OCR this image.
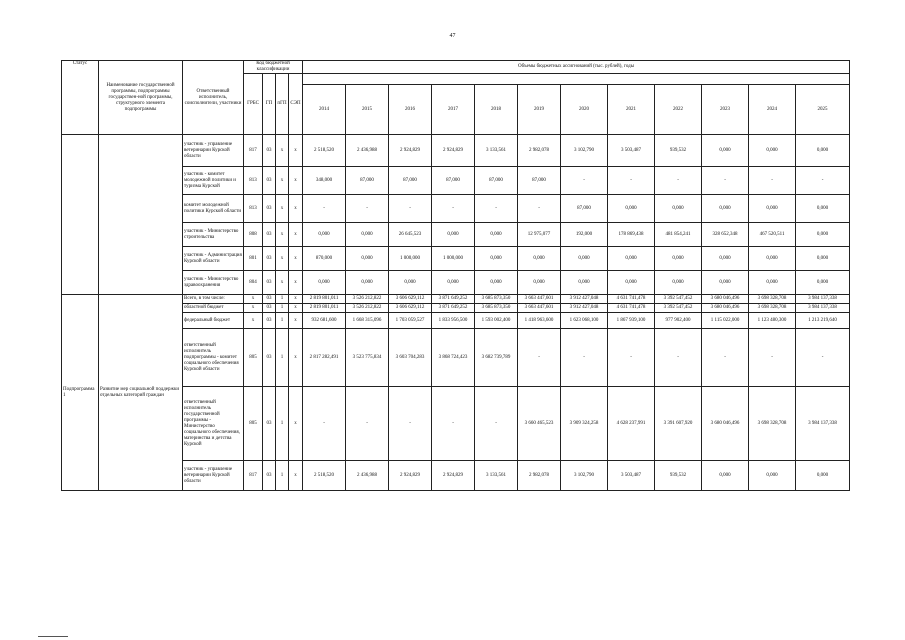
47
Статус	Наименование государственной программы, подпрограммы государствен-ной программы, структурного элемента подпрограммы	Ответственный исполнитель, соисполнители, участники	Код бюджетной классификации				Объемы бюджетных ассигнований (тыс. рублей), годы											
			ГРБС	ГП	пГП	СЭП												
							2014	2015	2016	2017	2018	2019	2020	2021	2022	2023	2024	2025
		участник - управление ветеринарии Курской области	817	03	х	х	2 518,520	2 436,988	2 924,829	2 924,829	3 133,561	2 982,078	3 102,790	3 503,487	939,532	0,000	0,000	0,000
		участник - комитет молодежной политики и туризма Курской	813	03	х	х	348,000	87,000	87,000	87,000	87,000	87,000	-	-	-	-	-	-
		комитет молодежной политики Курской области	813	03	х	х	-	-	-	-	-	-	87,000	0,000	0,000	0,000	0,000	0,000
		участник - Министерство строительства	808	03	х	х	0,000	0,000	26 645,523	0,000	0,000	12 975,077	192,000	178 869,438	481 854,241	328 652,348	467 520,511	0,000
		участник - Администрация Курской области	801	03	х	х	870,000	0,000	1 000,000	1 000,000	0,000	0,000	0,000	0,000	0,000	0,000	0,000	0,000
		участник - Министерство здравоохранения	804	03	х	х	0,000	0,000	0,000	0,000	0,000	0,000	0,000	0,000	0,000	0,000	0,000	0,000
Подпрограмма 1	Развитие мер социальной поддержки отдельных категорий граждан	Всего, в том числе:	х	03	1	х	2 819 801,011	3 526 212,822	3 606 629,112	3 871 649,252	3 685 873,350	3 663 447,601	3 912 427,048	4 631 741,478	3 392 547,452	3 680 046,496	3 698 328,708	3 984 137,338
		областной бюджет	х	03	1	х	2 819 801,011	3 526 212,822	3 606 629,112	3 871 649,252	3 685 873,350	3 663 447,601	3 912 427,048	4 631 741,478	3 392 547,452	3 680 046,496	3 698 328,708	3 984 137,338
		федеральный бюджет	х	03	1	х	932 681,600	1 668 315,096	1 703 059,527	1 833 956,500	1 593 002,400	1 418 963,600	1 623 068,100	1 867 939,100	977 902,400	1 115 022,000	1 123 480,300	1 213 219,640
		ответственный исполнитель подпрограммы - комитет социального обеспечения Курской области	805	03	1	х	2 817 282,491	3 523 775,834	3 603 704,283	3 868 724,423	3 682 739,789	-	-	-	-	-	-	-
		ответственный исполнитель государственной программы - Министерство социального обеспечения, материнства и детства Курской	805	03	1	х	-	-	-	-	-	3 660 465,523	3 909 324,258	4 628 237,991	3 391 607,920	3 680 046,496	3 698 328,708	3 984 137,338
		участник - управление ветеринарии Курской области	817	03	1	х	2 518,520	2 436,988	2 924,829	2 924,829	3 133,561	2 982,078	3 102,790	3 503,487	939,532	0,000	0,000	0,000
